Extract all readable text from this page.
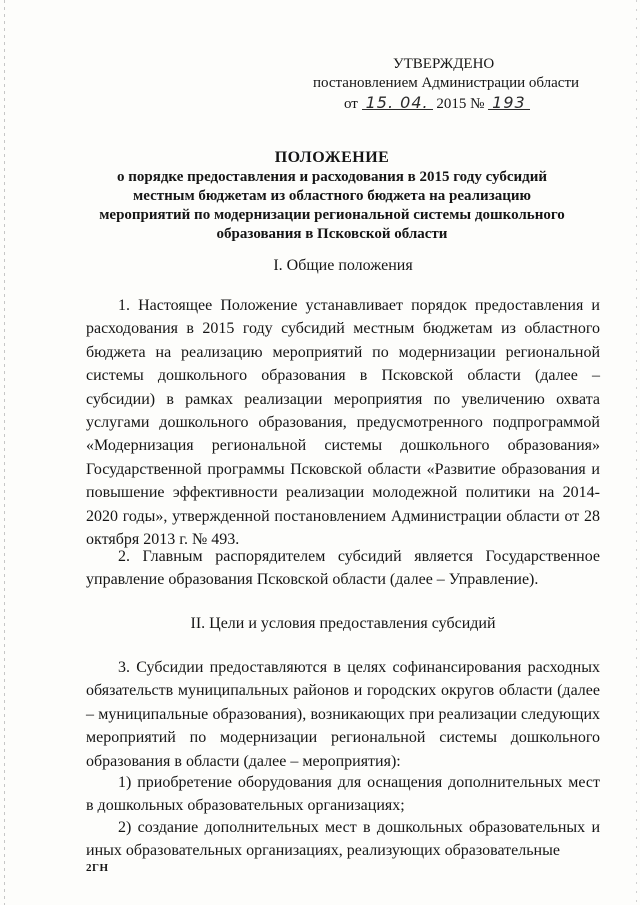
УТВЕРЖДЕНО
постановлением Администрации области
от 15. 04. 2015 № 193
ПОЛОЖЕНИЕ
о порядке предоставления и расходования в 2015 году субсидий местным бюджетам из областного бюджета на реализацию мероприятий по модернизации региональной системы дошкольного образования в Псковской области
I. Общие положения
1. Настоящее Положение устанавливает порядок предоставления и расходования в 2015 году субсидий местным бюджетам из областного бюджета на реализацию мероприятий по модернизации региональной системы дошкольного образования в Псковской области (далее – субсидии) в рамках реализации мероприятия по увеличению охвата услугами дошкольного образования, предусмотренного подпрограммой «Модернизация региональной системы дошкольного образования» Государственной программы Псковской области «Развитие образования и повышение эффективности реализации молодежной политики на 2014-2020 годы», утвержденной постановлением Администрации области от 28 октября 2013 г. № 493.
2. Главным распорядителем субсидий является Государственное управление образования Псковской области (далее – Управление).
II. Цели и условия предоставления субсидий
3. Субсидии предоставляются в целях софинансирования расходных обязательств муниципальных районов и городских округов области (далее – муниципальные образования), возникающих при реализации следующих мероприятий по модернизации региональной системы дошкольного образования в области (далее – мероприятия):
1) приобретение оборудования для оснащения дополнительных мест в дошкольных образовательных организациях;
2) создание дополнительных мест в дошкольных образовательных и иных образовательных организациях, реализующих образовательные
2ГН
